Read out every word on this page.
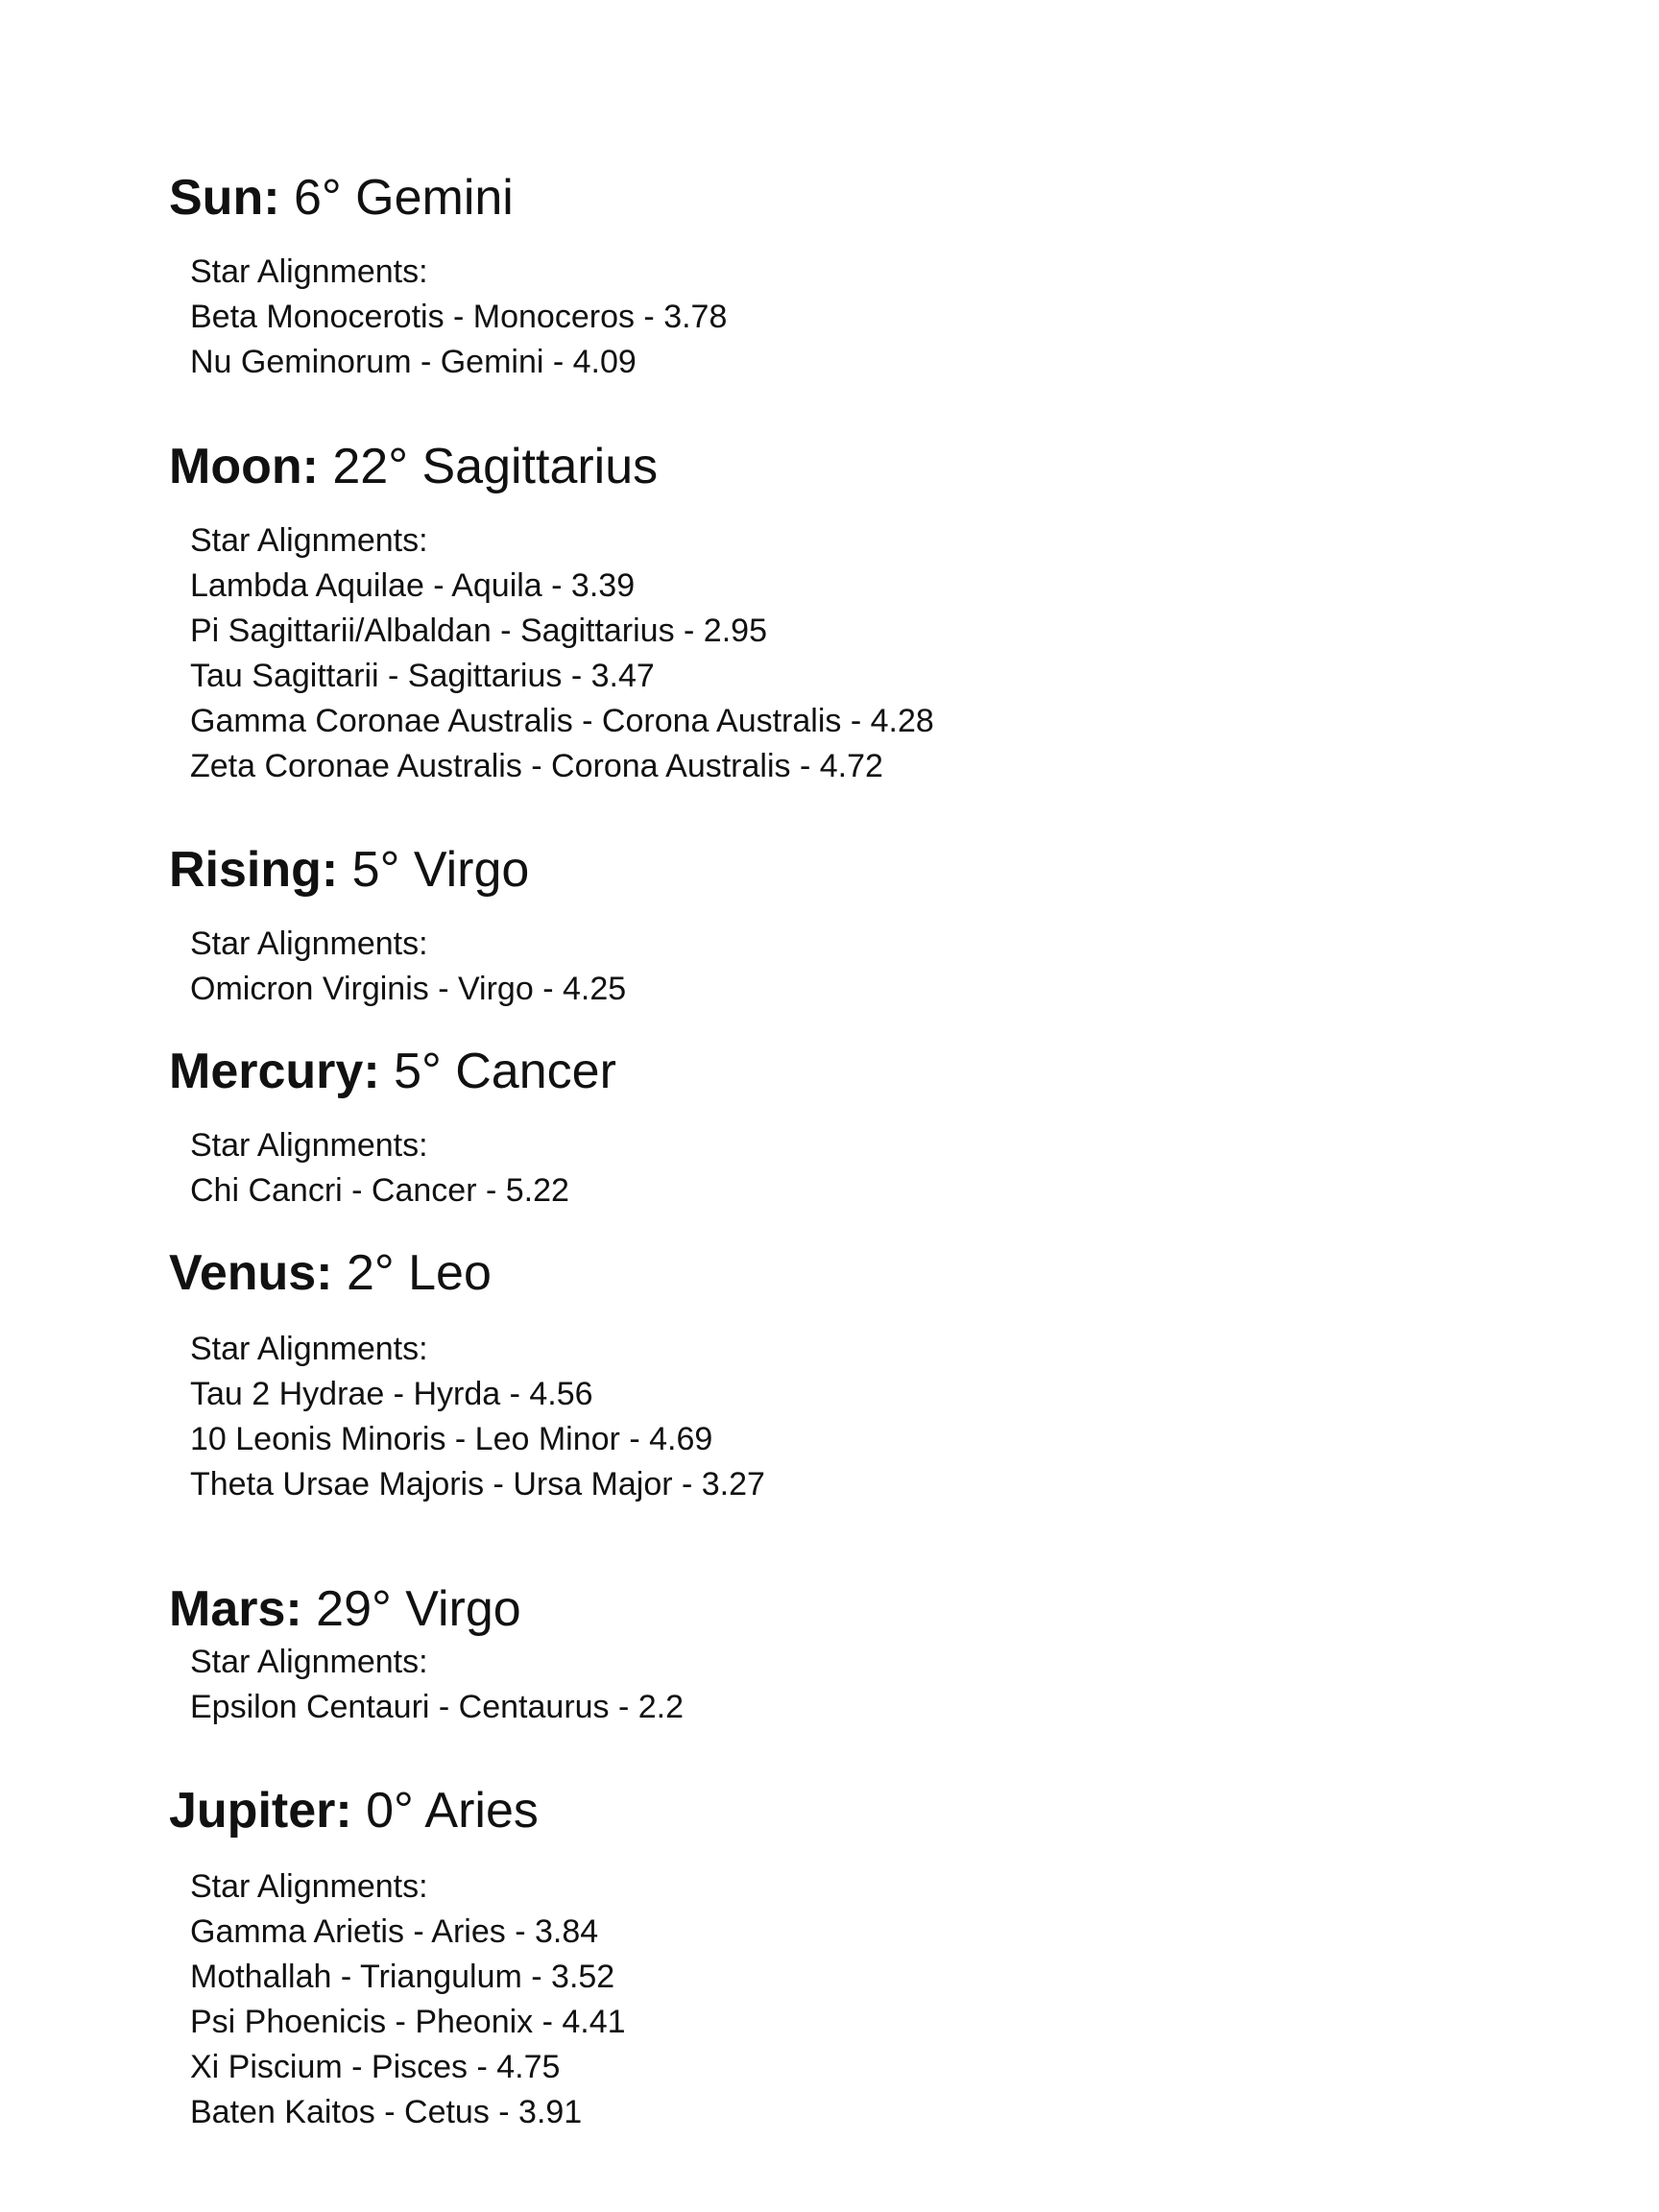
Sun: 6° Gemini
Star Alignments:
Beta Monocerotis - Monoceros - 3.78
Nu Geminorum - Gemini - 4.09
Moon: 22° Sagittarius
Star Alignments:
Lambda Aquilae - Aquila - 3.39
Pi Sagittarii/Albaldan - Sagittarius - 2.95
Tau Sagittarii - Sagittarius - 3.47
Gamma Coronae Australis - Corona Australis - 4.28
Zeta Coronae Australis - Corona Australis - 4.72
Rising: 5° Virgo
Star Alignments:
Omicron Virginis - Virgo - 4.25
Mercury: 5° Cancer
Star Alignments:
Chi Cancri - Cancer - 5.22
Venus: 2° Leo
Star Alignments:
Tau 2 Hydrae - Hyrda - 4.56
10 Leonis Minoris - Leo Minor - 4.69
Theta Ursae Majoris - Ursa Major - 3.27
Mars: 29° Virgo
Star Alignments:
Epsilon Centauri - Centaurus - 2.2
Jupiter: 0° Aries
Star Alignments:
Gamma Arietis - Aries - 3.84
Mothallah - Triangulum - 3.52
Psi Phoenicis - Pheonix - 4.41
Xi Piscium - Pisces - 4.75
Baten Kaitos - Cetus - 3.91
